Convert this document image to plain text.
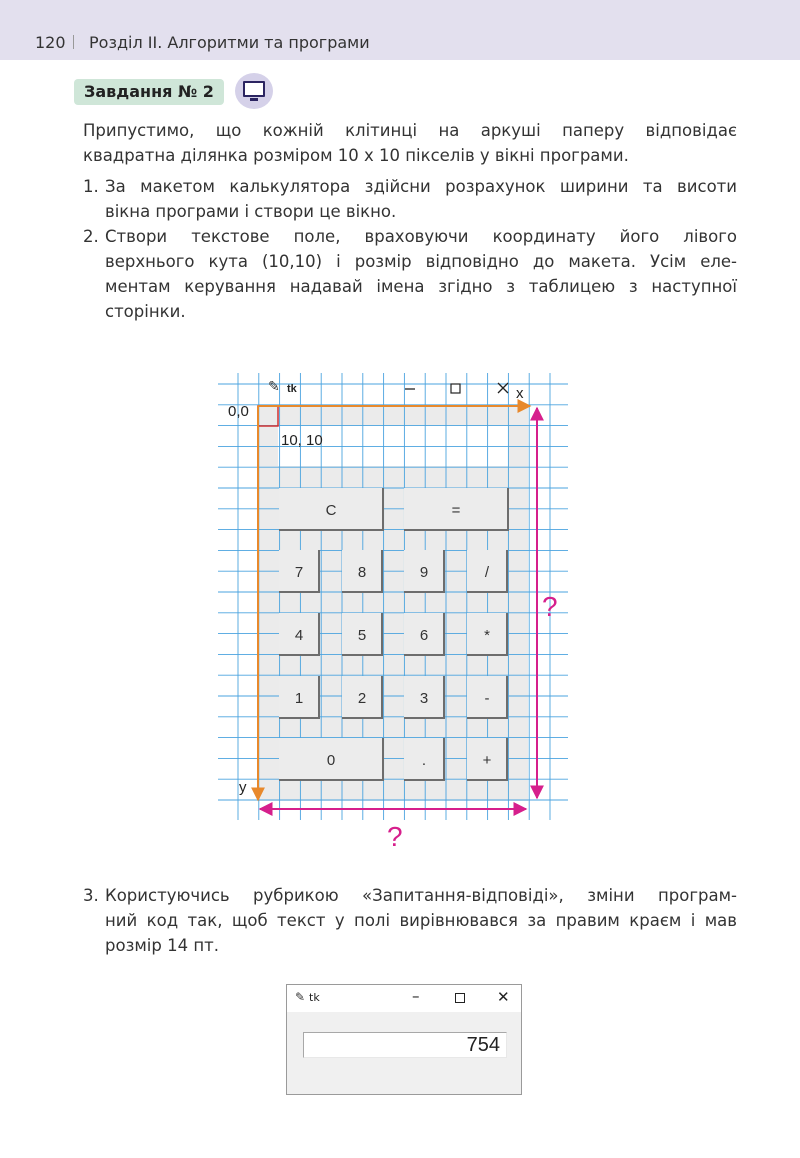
120 Розділ ІІ. Алгоритми та програми
Завдання № 2
Припустимо, що кожній клітинці на аркуші паперу відповідає
квадратна ділянка розміром 10 x 10 пікселів у вікні програми.
1. За макетом калькулятора здійсни розрахунок ширини та висоти
вікна програми і створи це вікно.
2. Створи текстове поле, враховуючи координату його лівого
верхнього кута (10,10) і розмір відповідно до макета. Усім еле-
ментам керування надавай імена згідно з таблицею з наступної
сторінки.
✎ tk
C	=
7	8	9	/
4	5	6	*
1	2	3	-
0	.	+
0,0
x
y
10, 10
?
?
3. Користуючись рубрикою «Запитання-відповіді», зміни програм-
ний код так, щоб текст у полі вирівнювався за правим краєм і мав
розмір 14 пт.
✎ tk	–	✕
754
